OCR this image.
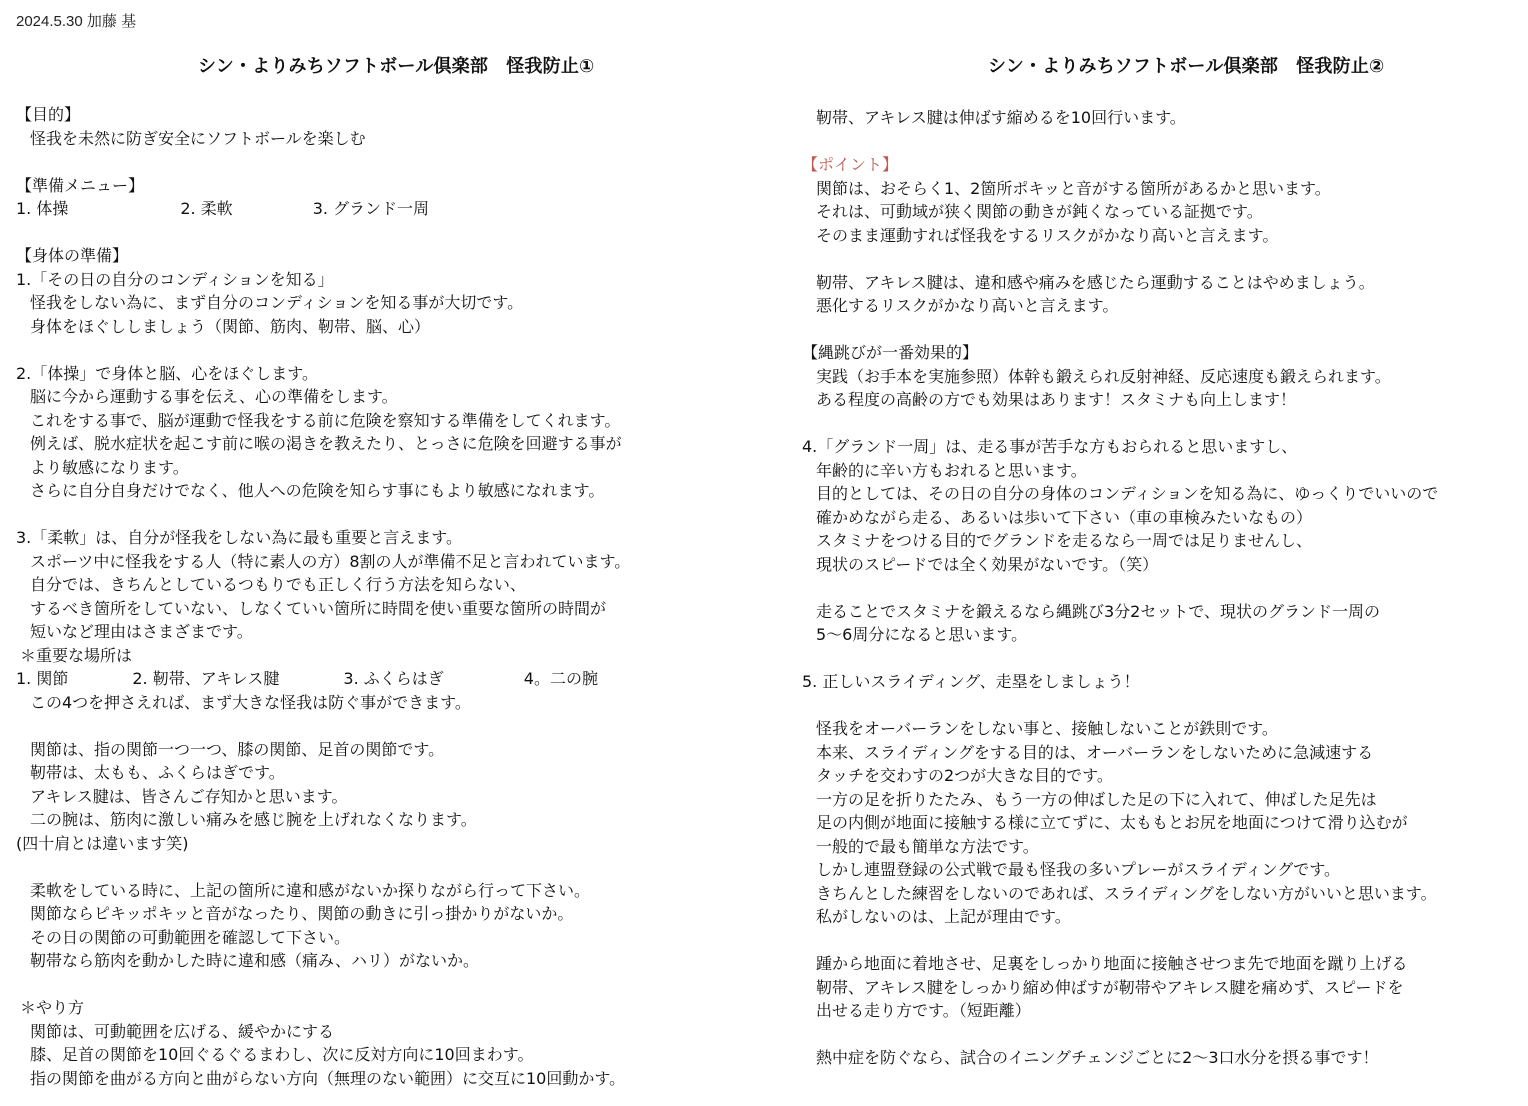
2024.5.30 加藤 基
シン・よりみちソフトボール倶楽部　怪我防止①	シン・よりみちソフトボール倶楽部　怪我防止②
【目的】
怪我を未然に防ぎ安全にソフトボールを楽しむ
【準備メニュー】
1. 体操　　　　　　　2. 柔軟　　　　　3. グランド一周
【身体の準備】
1.「その日の自分のコンディションを知る」
怪我をしない為に、まず自分のコンディションを知る事が大切です。
身体をほぐししましょう（関節、筋肉、靭帯、脳、心）
2.「体操」で身体と脳、心をほぐします。
脳に今から運動する事を伝え、心の準備をします。
これをする事で、脳が運動で怪我をする前に危険を察知する準備をしてくれます。
例えば、脱水症状を起こす前に喉の渇きを教えたり、とっさに危険を回避する事が
より敏感になります。
さらに自分自身だけでなく、他人への危険を知らす事にもより敏感になれます。
3.「柔軟」は、自分が怪我をしない為に最も重要と言えます。
スポーツ中に怪我をする人（特に素人の方）8割の人が準備不足と言われています。
自分では、きちんとしているつもりでも正しく行う方法を知らない、
するべき箇所をしていない、しなくていい箇所に時間を使い重要な箇所の時間が
短いなど理由はさまざまです。
＊重要な場所は
1. 関節　　　　2. 靭帯、アキレス腱　　　　3. ふくらはぎ　　　　　4。二の腕
この4つを押さえれば、まず大きな怪我は防ぐ事ができます。
関節は、指の関節一つ一つ、膝の関節、足首の関節です。
靭帯は、太もも、ふくらはぎです。
アキレス腱は、皆さんご存知かと思います。
二の腕は、筋肉に激しい痛みを感じ腕を上げれなくなります。
(四十肩とは違います笑)
柔軟をしている時に、上記の箇所に違和感がないか探りながら行って下さい。
関節ならピキッポキッと音がなったり、関節の動きに引っ掛かりがないか。
その日の関節の可動範囲を確認して下さい。
靭帯なら筋肉を動かした時に違和感（痛み、ハリ）がないか。
＊やり方
関節は、可動範囲を広げる、緩やかにする
膝、足首の関節を10回ぐるぐるまわし、次に反対方向に10回まわす。
指の関節を曲がる方向と曲がらない方向（無理のない範囲）に交互に10回動かす。
靭帯、アキレス腱は伸ばす縮めるを10回行います。
【ポイント】
関節は、おそらく1、2箇所ポキッと音がする箇所があるかと思います。
それは、可動域が狭く関節の動きが鈍くなっている証拠です。
そのまま運動すれば怪我をするリスクがかなり高いと言えます。
靭帯、アキレス腱は、違和感や痛みを感じたら運動することはやめましょう。
悪化するリスクがかなり高いと言えます。
【縄跳びが一番効果的】
実践（お手本を実施参照）体幹も鍛えられ反射神経、反応速度も鍛えられます。
ある程度の高齢の方でも効果はあります！スタミナも向上します！
4.「グランド一周」は、走る事が苦手な方もおられると思いますし、
年齢的に辛い方もおれると思います。
目的としては、その日の自分の身体のコンディションを知る為に、ゆっくりでいいので
確かめながら走る、あるいは歩いて下さい（車の車検みたいなもの）
スタミナをつける目的でグランドを走るなら一周では足りませんし、
現状のスピードでは全く効果がないです。（笑）
走ることでスタミナを鍛えるなら縄跳び3分2セットで、現状のグランド一周の
5〜6周分になると思います。
5. 正しいスライディング、走塁をしましょう！
怪我をオーバーランをしない事と、接触しないことが鉄則です。
本来、スライディングをする目的は、オーバーランをしないために急減速する
タッチを交わすの2つが大きな目的です。
一方の足を折りたたみ、もう一方の伸ばした足の下に入れて、伸ばした足先は
足の内側が地面に接触する様に立てずに、太ももとお尻を地面につけて滑り込むが
一般的で最も簡単な方法です。
しかし連盟登録の公式戦で最も怪我の多いプレーがスライディングです。
きちんとした練習をしないのであれば、スライディングをしない方がいいと思います。
私がしないのは、上記が理由です。
踵から地面に着地させ、足裏をしっかり地面に接触させつま先で地面を蹴り上げる
靭帯、アキレス腱をしっかり縮め伸ばすが靭帯やアキレス腱を痛めず、スピードを
出せる走り方です。（短距離）
熱中症を防ぐなら、試合のイニングチェンジごとに2〜3口水分を摂る事です！
